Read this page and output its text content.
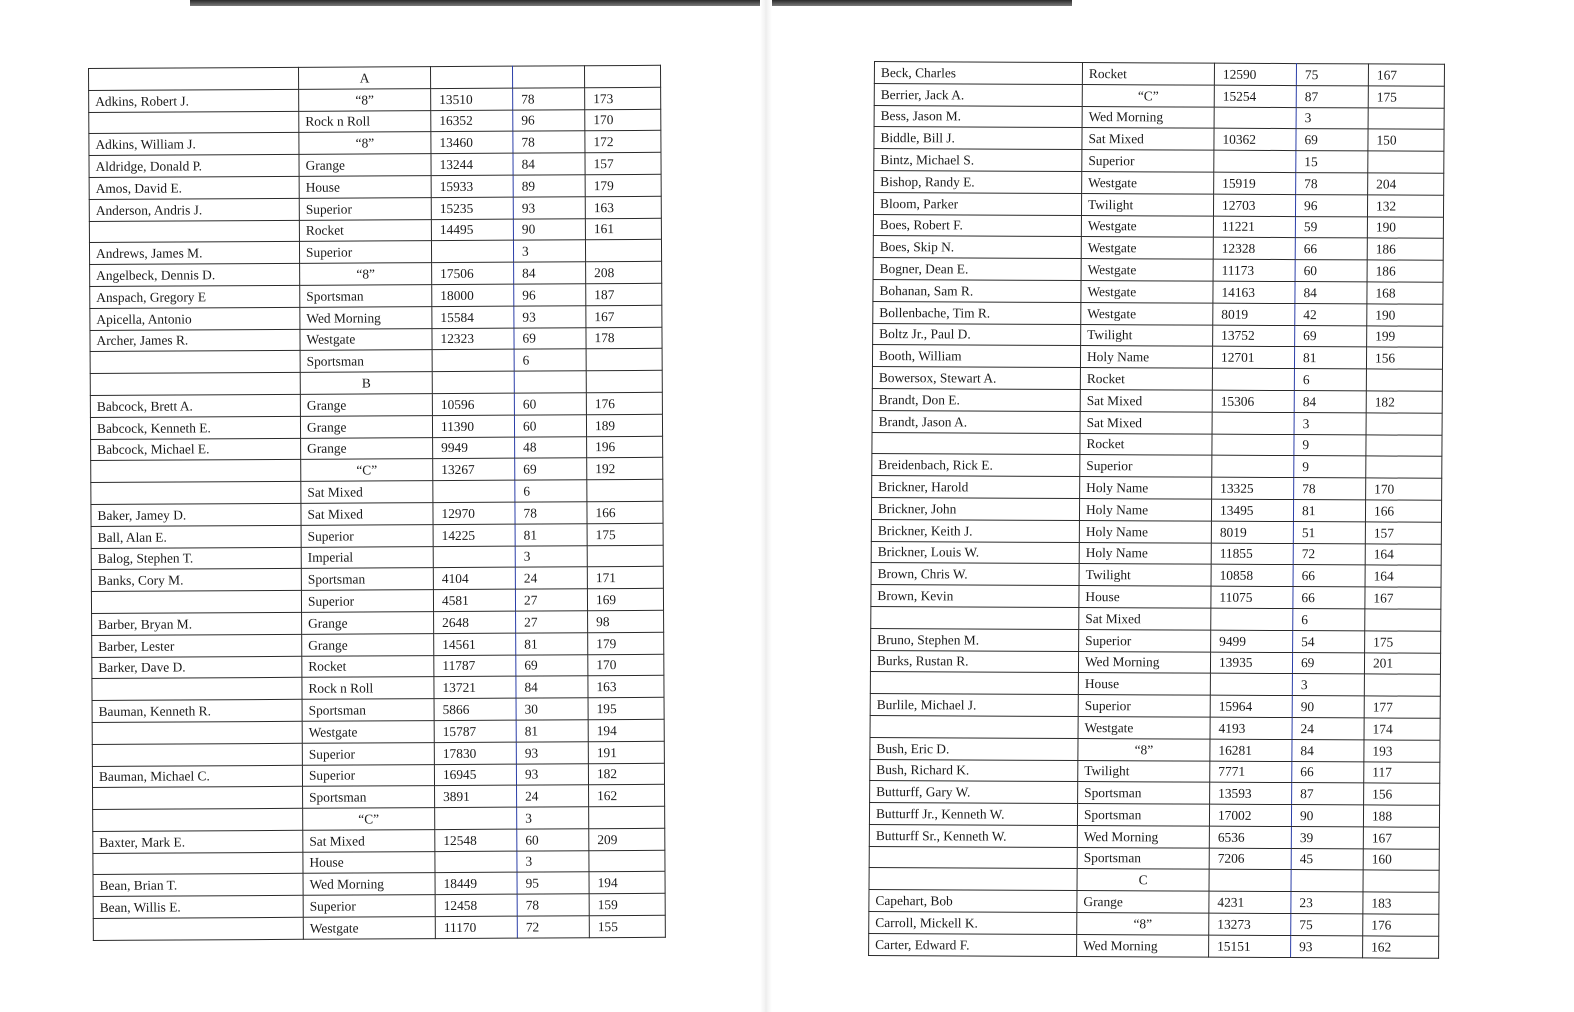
	A			
Adkins, Robert J.	“8”	13510	78	173
	Rock n Roll	16352	96	170
Adkins, William J.	“8”	13460	78	172
Aldridge, Donald P.	Grange	13244	84	157
Amos, David E.	House	15933	89	179
Anderson, Andris J.	Superior	15235	93	163
	Rocket	14495	90	161
Andrews, James M.	Superior		3	
Angelbeck, Dennis D.	“8”	17506	84	208
Anspach, Gregory E	Sportsman	18000	96	187
Apicella, Antonio	Wed Morning	15584	93	167
Archer, James R.	Westgate	12323	69	178
	Sportsman		6	
	B			
Babcock, Brett A.	Grange	10596	60	176
Babcock, Kenneth E.	Grange	11390	60	189
Babcock, Michael E.	Grange	9949	48	196
	“C”	13267	69	192
	Sat Mixed		6	
Baker, Jamey D.	Sat Mixed	12970	78	166
Ball, Alan E.	Superior	14225	81	175
Balog, Stephen T.	Imperial		3	
Banks, Cory M.	Sportsman	4104	24	171
	Superior	4581	27	169
Barber, Bryan M.	Grange	2648	27	98
Barber, Lester	Grange	14561	81	179
Barker, Dave D.	Rocket	11787	69	170
	Rock n Roll	13721	84	163
Bauman, Kenneth R.	Sportsman	5866	30	195
	Westgate	15787	81	194
	Superior	17830	93	191
Bauman, Michael C.	Superior	16945	93	182
	Sportsman	3891	24	162
	“C”		3	
Baxter, Mark E.	Sat Mixed	12548	60	209
	House		3	
Bean, Brian T.	Wed Morning	18449	95	194
Bean, Willis E.	Superior	12458	78	159
	Westgate	11170	72	155
Beck, Charles	Rocket	12590	75	167
Berrier, Jack A.	“C”	15254	87	175
Bess, Jason M.	Wed Morning		3	
Biddle, Bill J.	Sat Mixed	10362	69	150
Bintz, Michael S.	Superior		15	
Bishop, Randy E.	Westgate	15919	78	204
Bloom, Parker	Twilight	12703	96	132
Boes, Robert F.	Westgate	11221	59	190
Boes, Skip N.	Westgate	12328	66	186
Bogner, Dean E.	Westgate	11173	60	186
Bohanan, Sam R.	Westgate	14163	84	168
Bollenbache, Tim R.	Westgate	8019	42	190
Boltz Jr., Paul D.	Twilight	13752	69	199
Booth, William	Holy Name	12701	81	156
Bowersox, Stewart A.	Rocket		6	
Brandt, Don E.	Sat Mixed	15306	84	182
Brandt, Jason A.	Sat Mixed		3	
	Rocket		9	
Breidenbach, Rick E.	Superior		9	
Brickner, Harold	Holy Name	13325	78	170
Brickner, John	Holy Name	13495	81	166
Brickner, Keith J.	Holy Name	8019	51	157
Brickner, Louis W.	Holy Name	11855	72	164
Brown, Chris W.	Twilight	10858	66	164
Brown, Kevin	House	11075	66	167
	Sat Mixed		6	
Bruno, Stephen M.	Superior	9499	54	175
Burks, Rustan R.	Wed Morning	13935	69	201
	House		3	
Burlile, Michael J.	Superior	15964	90	177
	Westgate	4193	24	174
Bush, Eric D.	“8”	16281	84	193
Bush, Richard K.	Twilight	7771	66	117
Butturff, Gary W.	Sportsman	13593	87	156
Butturff Jr., Kenneth W.	Sportsman	17002	90	188
Butturff Sr., Kenneth W.	Wed Morning	6536	39	167
	Sportsman	7206	45	160
	C			
Capehart, Bob	Grange	4231	23	183
Carroll, Mickell K.	“8”	13273	75	176
Carter, Edward F.	Wed Morning	15151	93	162
